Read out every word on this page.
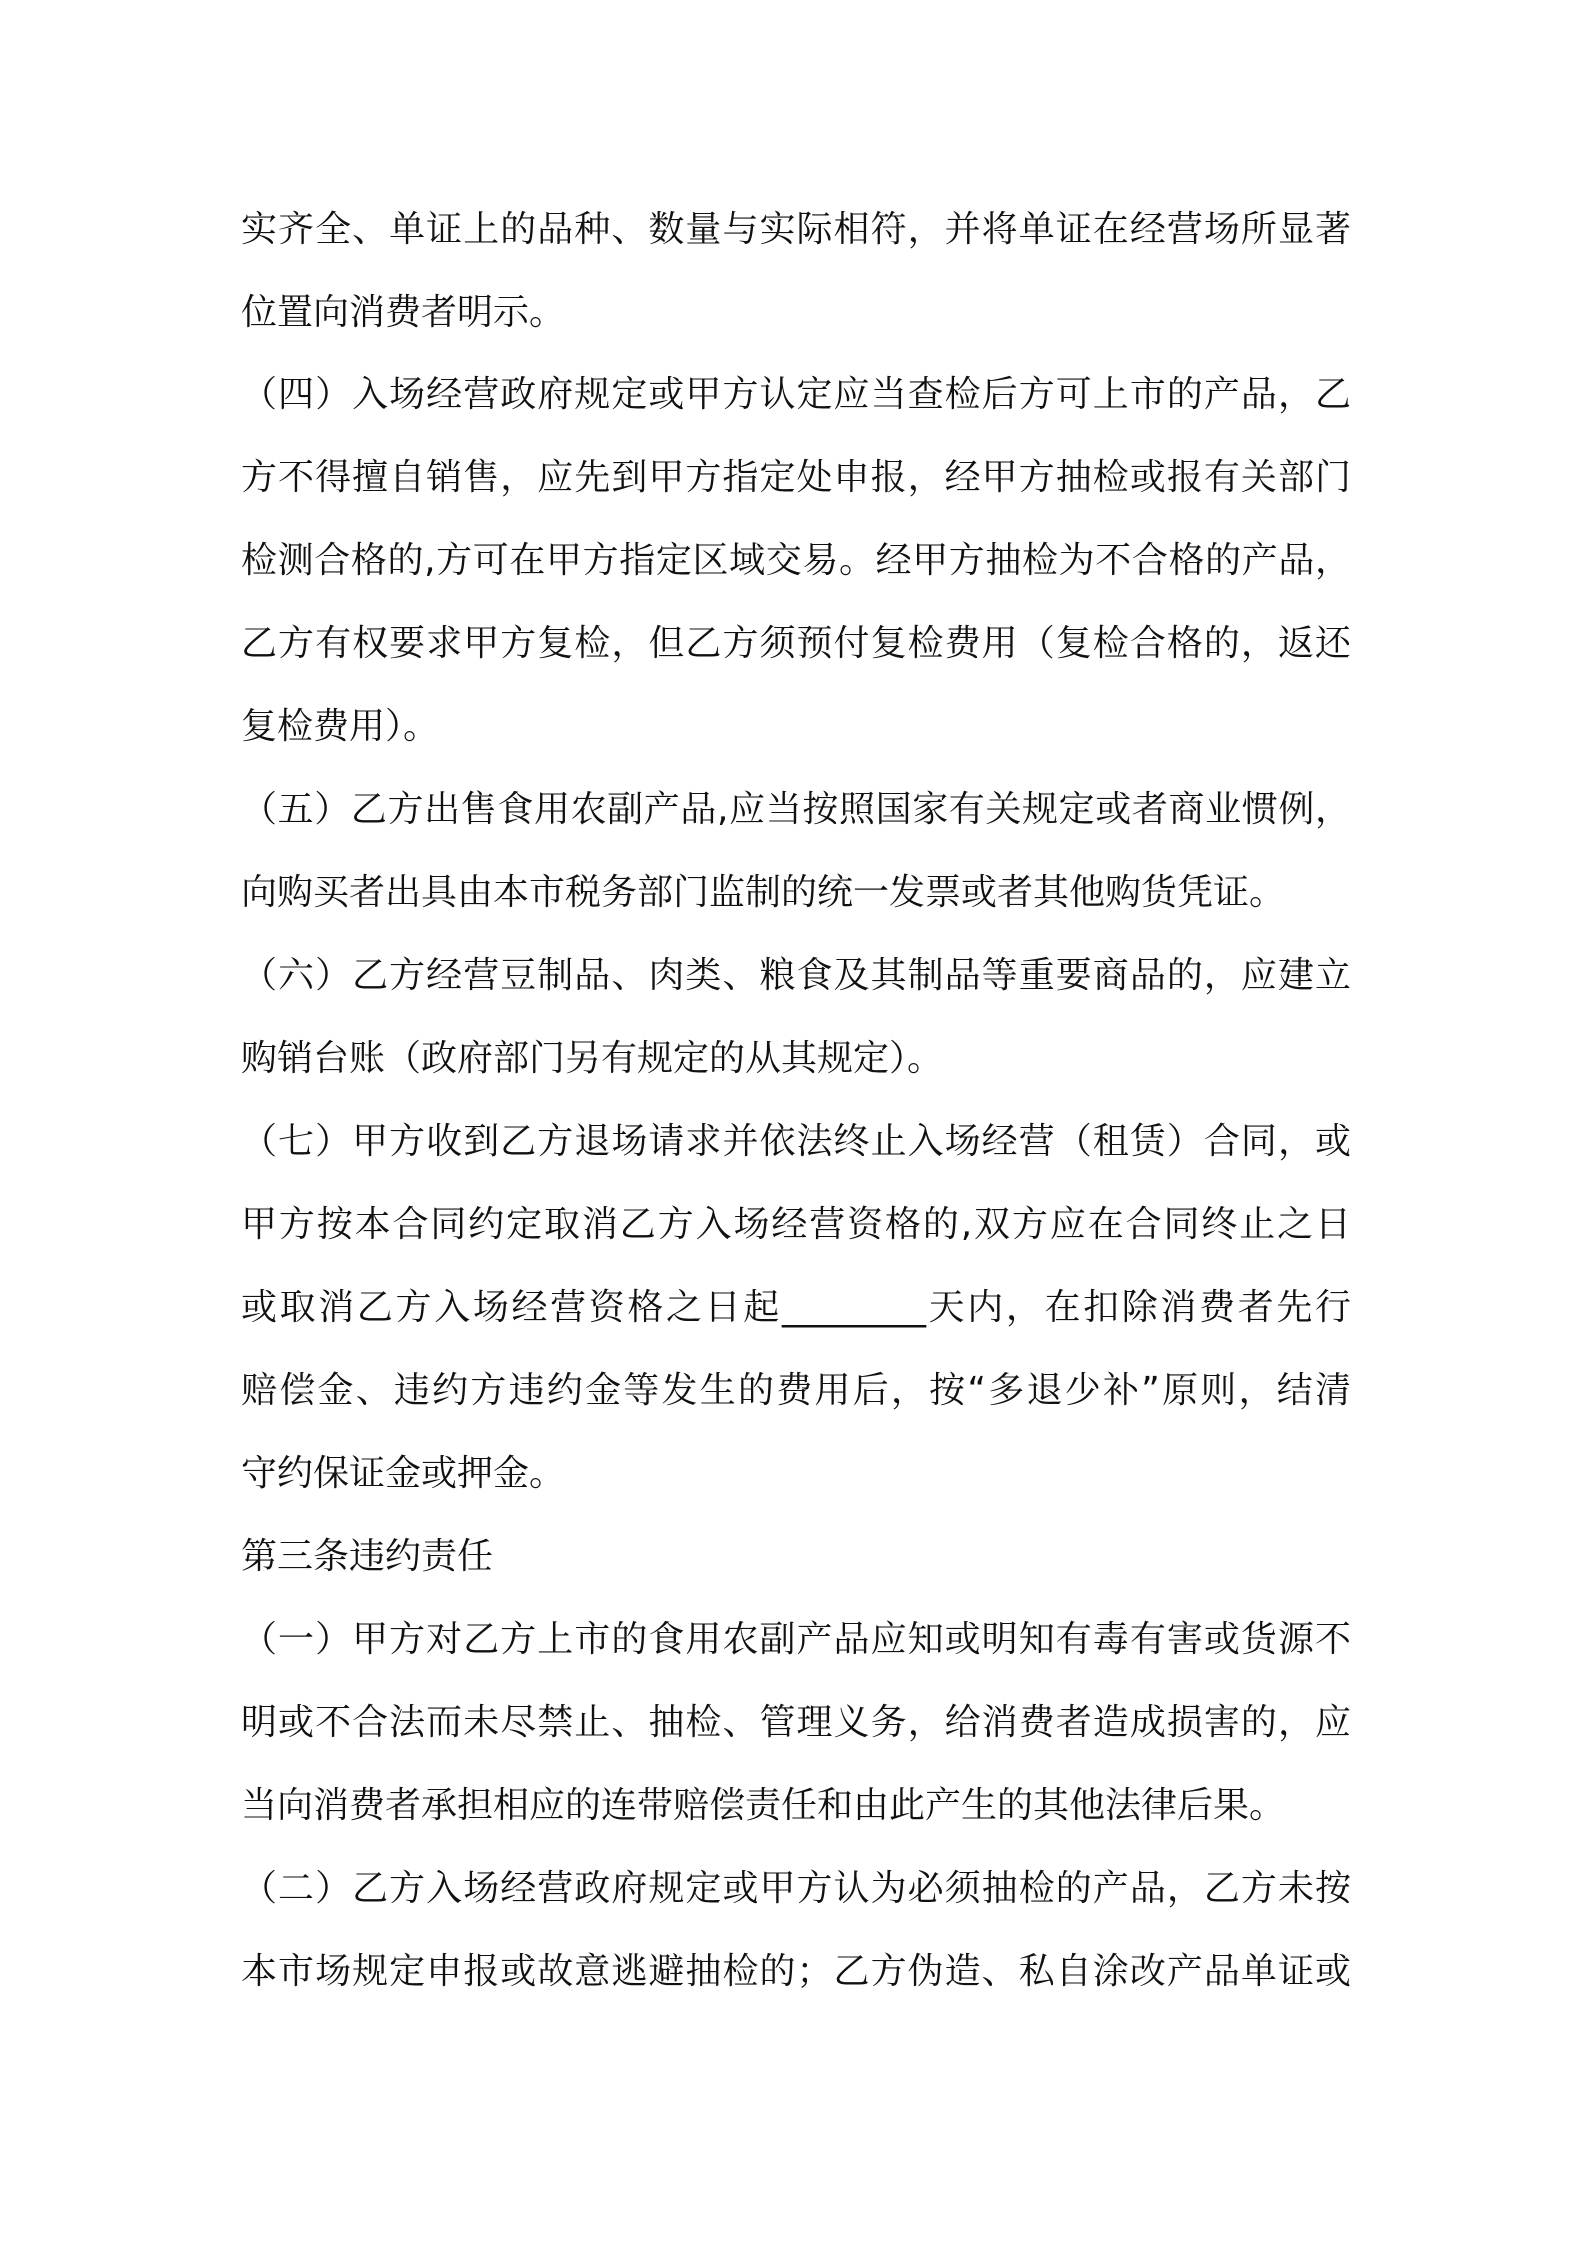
实齐全、单证上的品种、数量与实际相符，并将单证在经营场所显著
位置向消费者明示。
（四）入场经营政府规定或甲方认定应当查检后方可上市的产品，乙
方不得擅自销售，应先到甲方指定处申报，经甲方抽检或报有关部门
检测合格的,方可在甲方指定区域交易。经甲方抽检为不合格的产品，
乙方有权要求甲方复检，但乙方须预付复检费用（复检合格的，返还
复检费用）。
（五）乙方出售食用农副产品,应当按照国家有关规定或者商业惯例，
向购买者出具由本市税务部门监制的统一发票或者其他购货凭证。
（六）乙方经营豆制品、肉类、粮食及其制品等重要商品的，应建立
购销台账（政府部门另有规定的从其规定）。
（七）甲方收到乙方退场请求并依法终止入场经营（租赁）合同，或
甲方按本合同约定取消乙方入场经营资格的,双方应在合同终止之日
或取消乙方入场经营资格之日起________天内，在扣除消费者先行
赔偿金、违约方违约金等发生的费用后，按“多退少补”原则，结清
守约保证金或押金。
第三条违约责任
（一）甲方对乙方上市的食用农副产品应知或明知有毒有害或货源不
明或不合法而未尽禁止、抽检、管理义务，给消费者造成损害的，应
当向消费者承担相应的连带赔偿责任和由此产生的其他法律后果。
（二）乙方入场经营政府规定或甲方认为必须抽检的产品，乙方未按
本市场规定申报或故意逃避抽检的；乙方伪造、私自涂改产品单证或
